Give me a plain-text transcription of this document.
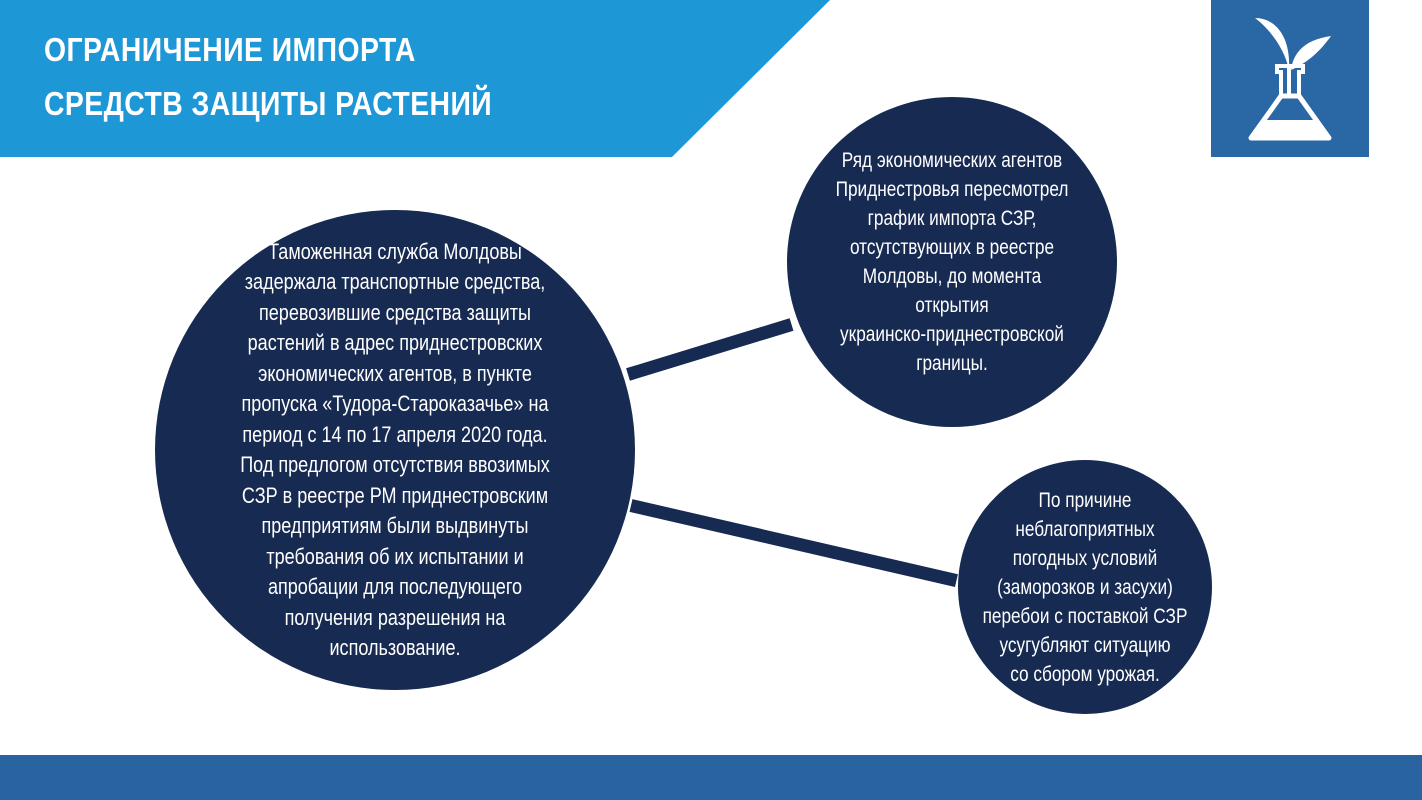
ОГРАНИЧЕНИЕ ИМПОРТА
СРЕДСТВ ЗАЩИТЫ РАСТЕНИЙ
Таможенная служба Молдовы
задержала транспортные средства,
перевозившие средства защиты
растений в адрес приднестровских
экономических агентов, в пункте
пропуска «Тудора-Староказачье» на
период с 14 по 17 апреля 2020 года.
Под предлогом отсутствия ввозимых
СЗР в реестре РМ приднестровским
предприятиям были выдвинуты
требования об их испытании и
апробации для последующего
получения разрешения на
использование.
Ряд экономических агентов
Приднестровья пересмотрел
график импорта СЗР,
отсутствующих в реестре
Молдовы, до момента
открытия
украинско-приднестровской
границы.
По причине
неблагоприятных
погодных условий
(заморозков и засухи)
перебои с поставкой СЗР
усугубляют ситуацию
со сбором урожая.
